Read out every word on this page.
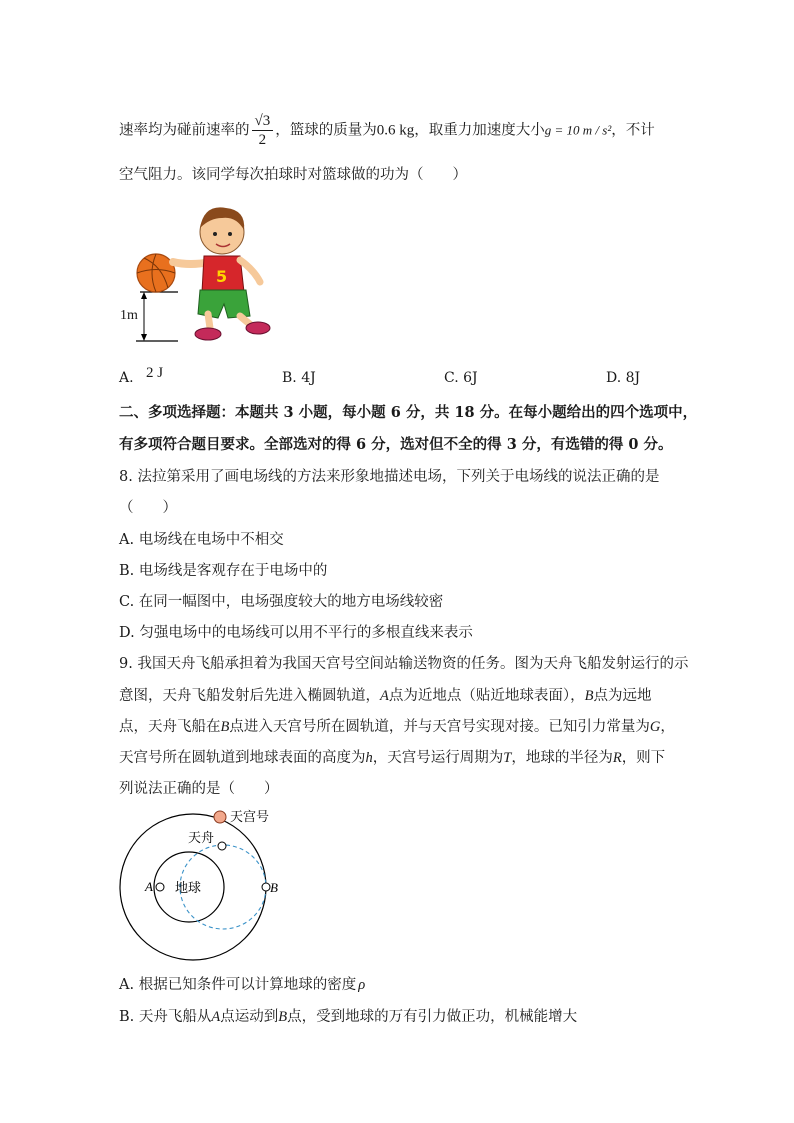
速率均为碰前速率的 $\frac{√3}{2}$ ，篮球的质量为0.6 kg，取重力加速度大小g = 10 m / s²，不计
空气阻力。该同学每次拍球时对篮球做的功为（　　）
5
1m
A. 2 J	B. 4J	C. 6J	D. 8J
二、多项选择题：本题共 3 小题，每小题 6 分，共 18 分。在每小题给出的四个选项中，
有多项符合题目要求。全部选对的得 6 分，选对但不全的得 3 分，有选错的得 0 分。
8. 法拉第采用了画电场线的方法来形象地描述电场，下列关于电场线的说法正确的是
（　　）
A. 电场线在电场中不相交
B. 电场线是客观存在于电场中的
C. 在同一幅图中，电场强度较大的地方电场线较密
D. 匀强电场中的电场线可以用不平行的多根直线来表示
9. 我国天舟飞船承担着为我国天宫号空间站输送物资的任务。图为天舟飞船发射运行的示
意图，天舟飞船发射后先进入椭圆轨道，A点为近地点（贴近地球表面），B点为远地
点，天舟飞船在B点进入天宫号所在圆轨道，并与天宫号实现对接。已知引力常量为G，
天宫号所在圆轨道到地球表面的高度为h，天宫号运行周期为T，地球的半径为R，则下
列说法正确的是（　　）
天宫号
天舟
地球
A	B
A. 根据已知条件可以计算地球的密度 ρ
B. 天舟飞船从A点运动到B点，受到地球的万有引力做正功，机械能增大
